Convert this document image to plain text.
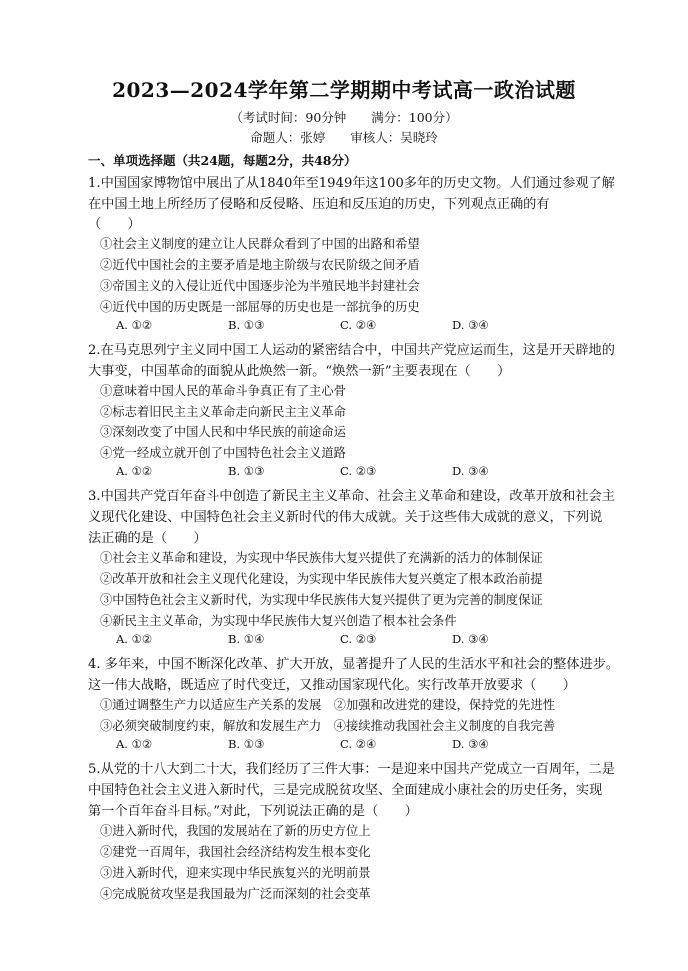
2023—2024学年第二学期期中考试高一政治试题
（考试时间：90分钟　　满分：100分）
命题人：张婷　　审核人：吴晓玲
一、单项选择题（共24题，每题2分，共48分）
1.中国国家博物馆中展出了从1840年至1949年这100多年的历史文物。人们通过参观了解
在中国土地上所经历了侵略和反侵略、压迫和反压迫的历史，下列观点正确的有
（　　）
①社会主义制度的建立让人民群众看到了中国的出路和希望
②近代中国社会的主要矛盾是地主阶级与农民阶级之间矛盾
③帝国主义的入侵让近代中国逐步沦为半殖民地半封建社会
④近代中国的历史既是一部屈辱的历史也是一部抗争的历史
A. ①②	B. ①③	C. ②④	D. ③④
2.在马克思列宁主义同中国工人运动的紧密结合中，中国共产党应运而生，这是开天辟地的
大事变，中国革命的面貌从此焕然一新。“焕然一新”主要表现在（　　）
①意味着中国人民的革命斗争真正有了主心骨
②标志着旧民主主义革命走向新民主主义革命
③深刻改变了中国人民和中华民族的前途命运
④党一经成立就开创了中国特色社会主义道路
A. ①②	B. ①③	C. ②③	D. ③④
3.中国共产党百年奋斗中创造了新民主主义革命、社会主义革命和建设，改革开放和社会主
义现代化建设、中国特色社会主义新时代的伟大成就。关于这些伟大成就的意义，下列说
法正确的是（　　）
①社会主义革命和建设，为实现中华民族伟大复兴提供了充满新的活力的体制保证
②改革开放和社会主义现代化建设，为实现中华民族伟大复兴奠定了根本政治前提
③中国特色社会主义新时代，为实现中华民族伟大复兴提供了更为完善的制度保证
④新民主主义革命，为实现中华民族伟大复兴创造了根本社会条件
A. ①②	B. ①④	C. ②③	D. ③④
4. 多年来，中国不断深化改革、扩大开放，显著提升了人民的生活水平和社会的整体进步。
这一伟大战略，既适应了时代变迁，又推动国家现代化。实行改革开放要求（　　）
①通过调整生产力以适应生产关系的发展　②加强和改进党的建设，保持党的先进性
③必须突破制度约束，解放和发展生产力　④接续推动我国社会主义制度的自我完善
A. ①②	B. ①③	C. ②④	D. ③④
5.从党的十八大到二十大，我们经历了三件大事：一是迎来中国共产党成立一百周年，二是
中国特色社会主义进入新时代，三是完成脱贫攻坚、全面建成小康社会的历史任务，实现
第一个百年奋斗目标。”对此，下列说法正确的是（　　）
①进入新时代，我国的发展站在了新的历史方位上
②建党一百周年，我国社会经济结构发生根本变化
③进入新时代，迎来实现中华民族复兴的光明前景
④完成脱贫攻坚是我国最为广泛而深刻的社会变革
